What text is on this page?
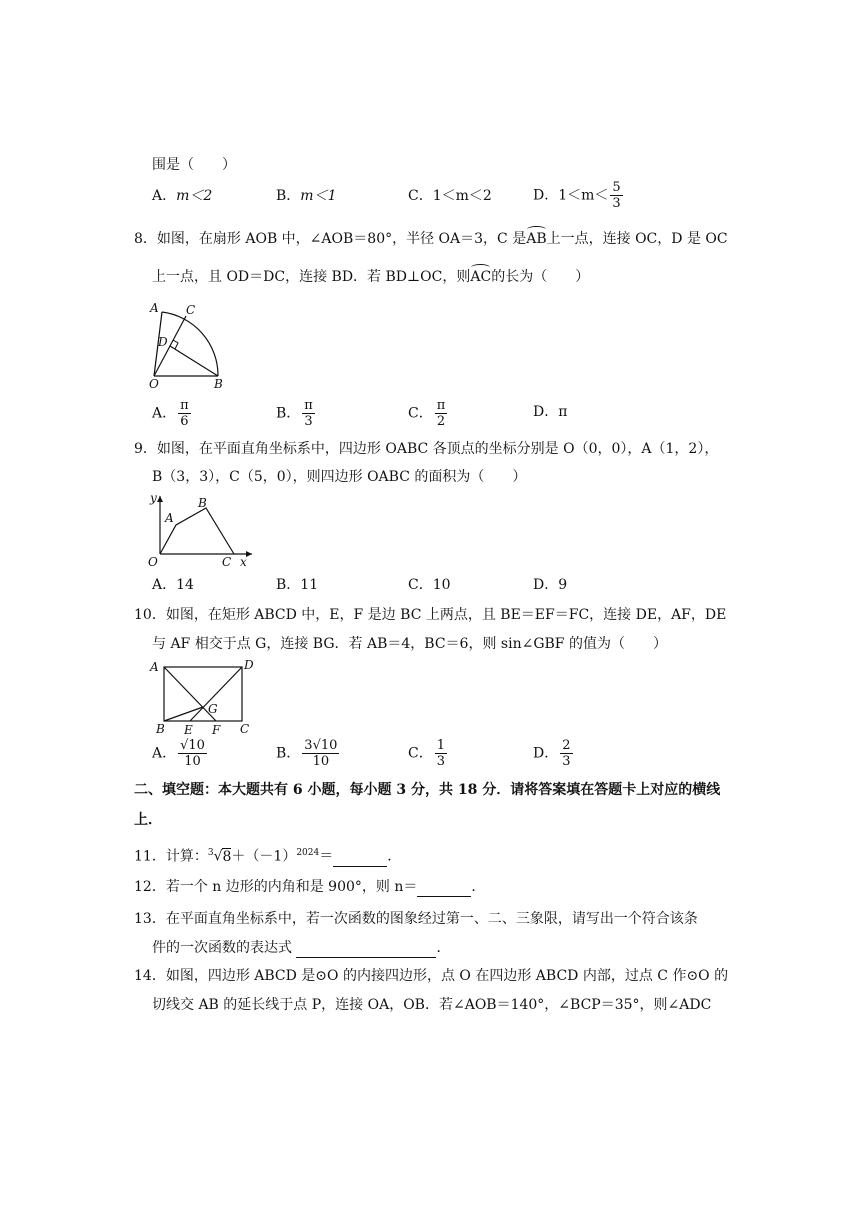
围是（　　）
A．m＜2	B．m＜1	C．1＜m＜2	D．$1<m< \frac{5}{3}$
8．如图，在扇形 AOB 中，∠AOB＝80°，半径 OA＝3，C 是AB上一点，连接 OC，D 是 OC
上一点，且 OD＝DC，连接 BD．若 BD⊥OC，则AC的长为（　　）
A C
D
O	B
A． $\frac{\pi}{6}$	B． $\frac{\pi}{3}$	C． $\frac{\pi}{2}$	D．π
9．如图，在平面直角坐标系中，四边形 OABC 各顶点的坐标分别是 O（0，0），A（1，2），
B（3，3），C（5，0），则四边形 OABC 的面积为（　　）
y	B
A
O	C x
A．14	B．11	C．10	D．9
10．如图，在矩形 ABCD 中，E，F 是边 BC 上两点，且 BE＝EF＝FC，连接 DE，AF，DE
与 AF 相交于点 G，连接 BG．若 AB＝4，BC＝6，则 sin∠GBF 的值为（　　）
A	D
G
B E F C
A． $\frac{√10}{10}$	B． $\frac{3√10}{10}$	C． $\frac{1}{3}$	D． $\frac{2}{3}$
二、填空题：本大题共有 6 小题，每小题 3 分，共 18 分．请将答案填在答题卡上对应的横线
上．
11．计算：$^3√8+(-1)^{2024}=$	．
12．若一个 n 边形的内角和是 900°，则 n＝	．
13．在平面直角坐标系中，若一次函数的图象经过第一、二、三象限，请写出一个符合该条
件的一次函数的表达式	．
14．如图，四边形 ABCD 是⊙O 的内接四边形，点 O 在四边形 ABCD 内部，过点 C 作⊙O 的
切线交 AB 的延长线于点 P，连接 OA，OB．若∠AOB＝140°，∠BCP＝35°，则∠ADC
